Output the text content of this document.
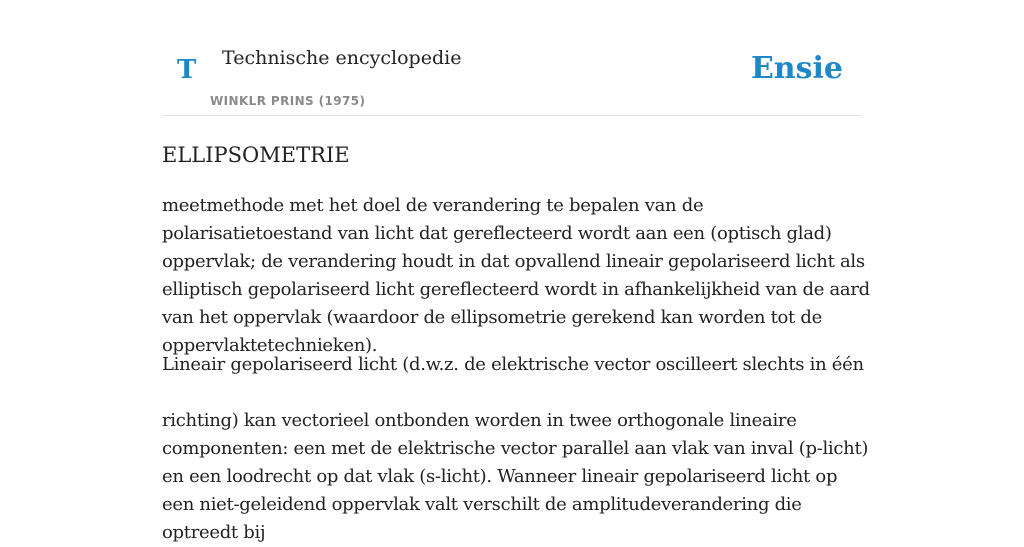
T Technische encyclopedie
WINKLR PRINS (1975)
Ensie
ELLIPSOMETRIE

meetmethode met het doel de verandering te bepalen van de polarisatietoestand van licht dat gereflecteerd wordt aan een (optisch glad) oppervlak; de verandering houdt in dat opvallend lineair gepolariseerd licht als elliptisch gepolariseerd licht gereflecteerd wordt in afhankelijkheid van de aard van het oppervlak (waardoor de ellipsometrie gerekend kan worden tot de oppervlaktetechnieken).

Lineair gepolariseerd licht (d.w.z. de elektrische vector oscilleert slechts in één

richting) kan vectorieel ontbonden worden in twee orthogonale lineaire componenten: een met de elektrische vector parallel aan vlak van inval (p-licht) en een loodrecht op dat vlak (s-licht). Wanneer lineair gepolariseerd licht op een niet-geleidend oppervlak valt verschilt de amplitudeverandering die optreedt bij
